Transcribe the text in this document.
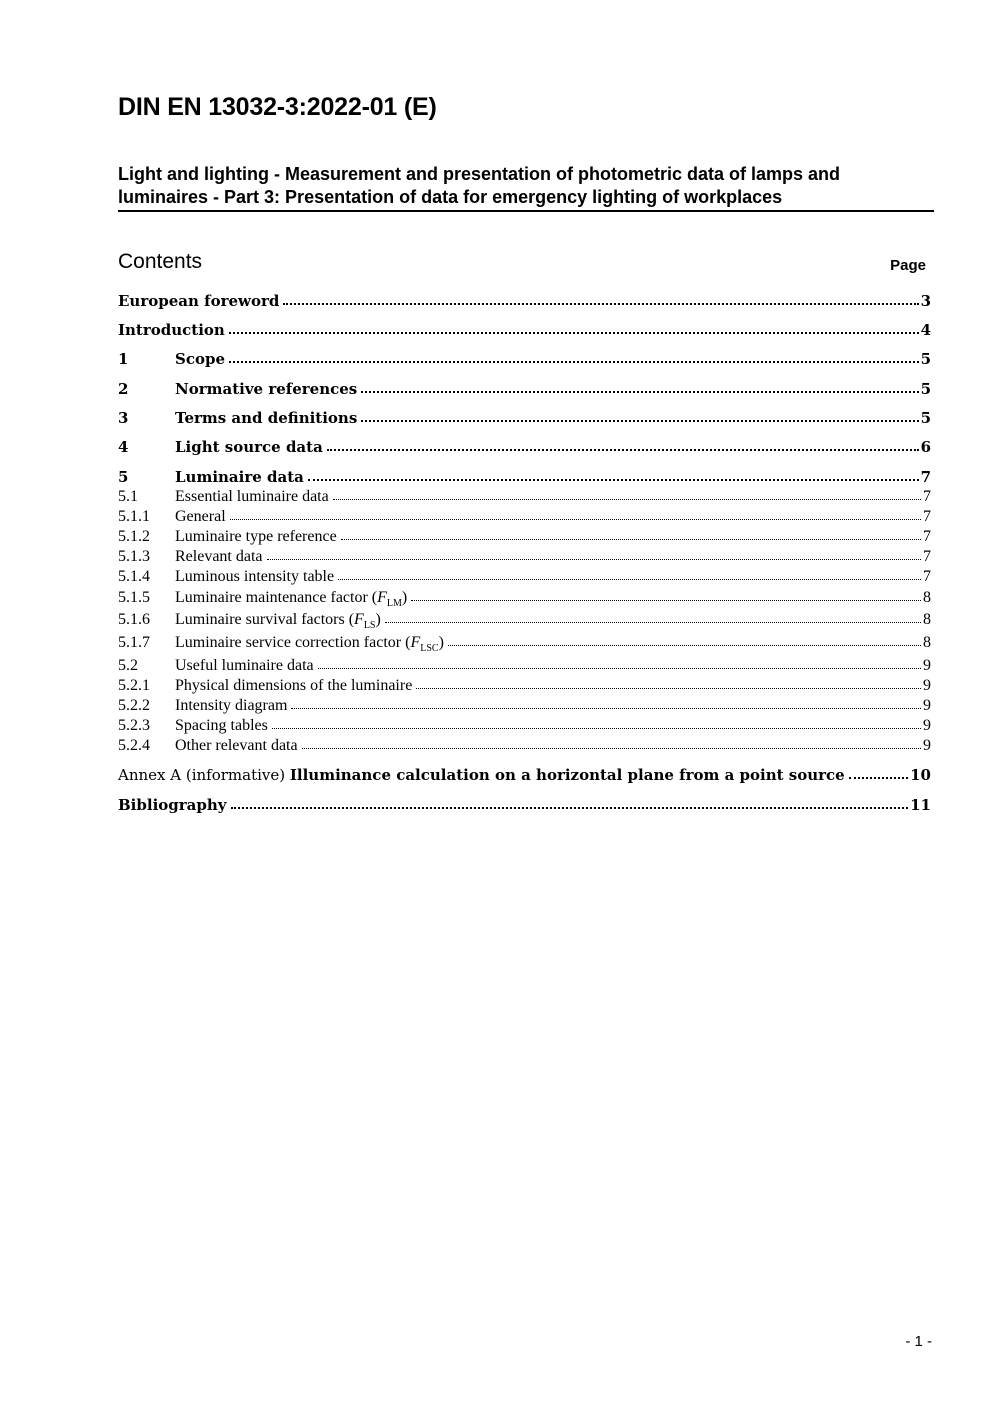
DIN EN 13032-3:2022-01 (E)
Light and lighting - Measurement and presentation of photometric data of lamps and
luminaires - Part 3: Presentation of data for emergency lighting of workplaces
Contents	Page
European foreword	3
Introduction	4
1	Scope	5
2	Normative references	5
3	Terms and definitions	5
4	Light source data	6
5	Luminaire data	7
5.1	Essential luminaire data	7
5.1.1	General	7
5.1.2	Luminaire type reference	7
5.1.3	Relevant data	7
5.1.4	Luminous intensity table	7
5.1.5	Luminaire maintenance factor $(F_{LM})$	8
5.1.6	Luminaire survival factors $(F_{LS})$	8
5.1.7	Luminaire service correction factor $(F_{LSC})$	8
5.2	Useful luminaire data	9
5.2.1	Physical dimensions of the luminaire	9
5.2.2	Intensity diagram	9
5.2.3	Spacing tables	9
5.2.4	Other relevant data	9
Annex A (informative) Illuminance calculation on a horizontal plane from a point source	10
Bibliography	11
- 1 -
